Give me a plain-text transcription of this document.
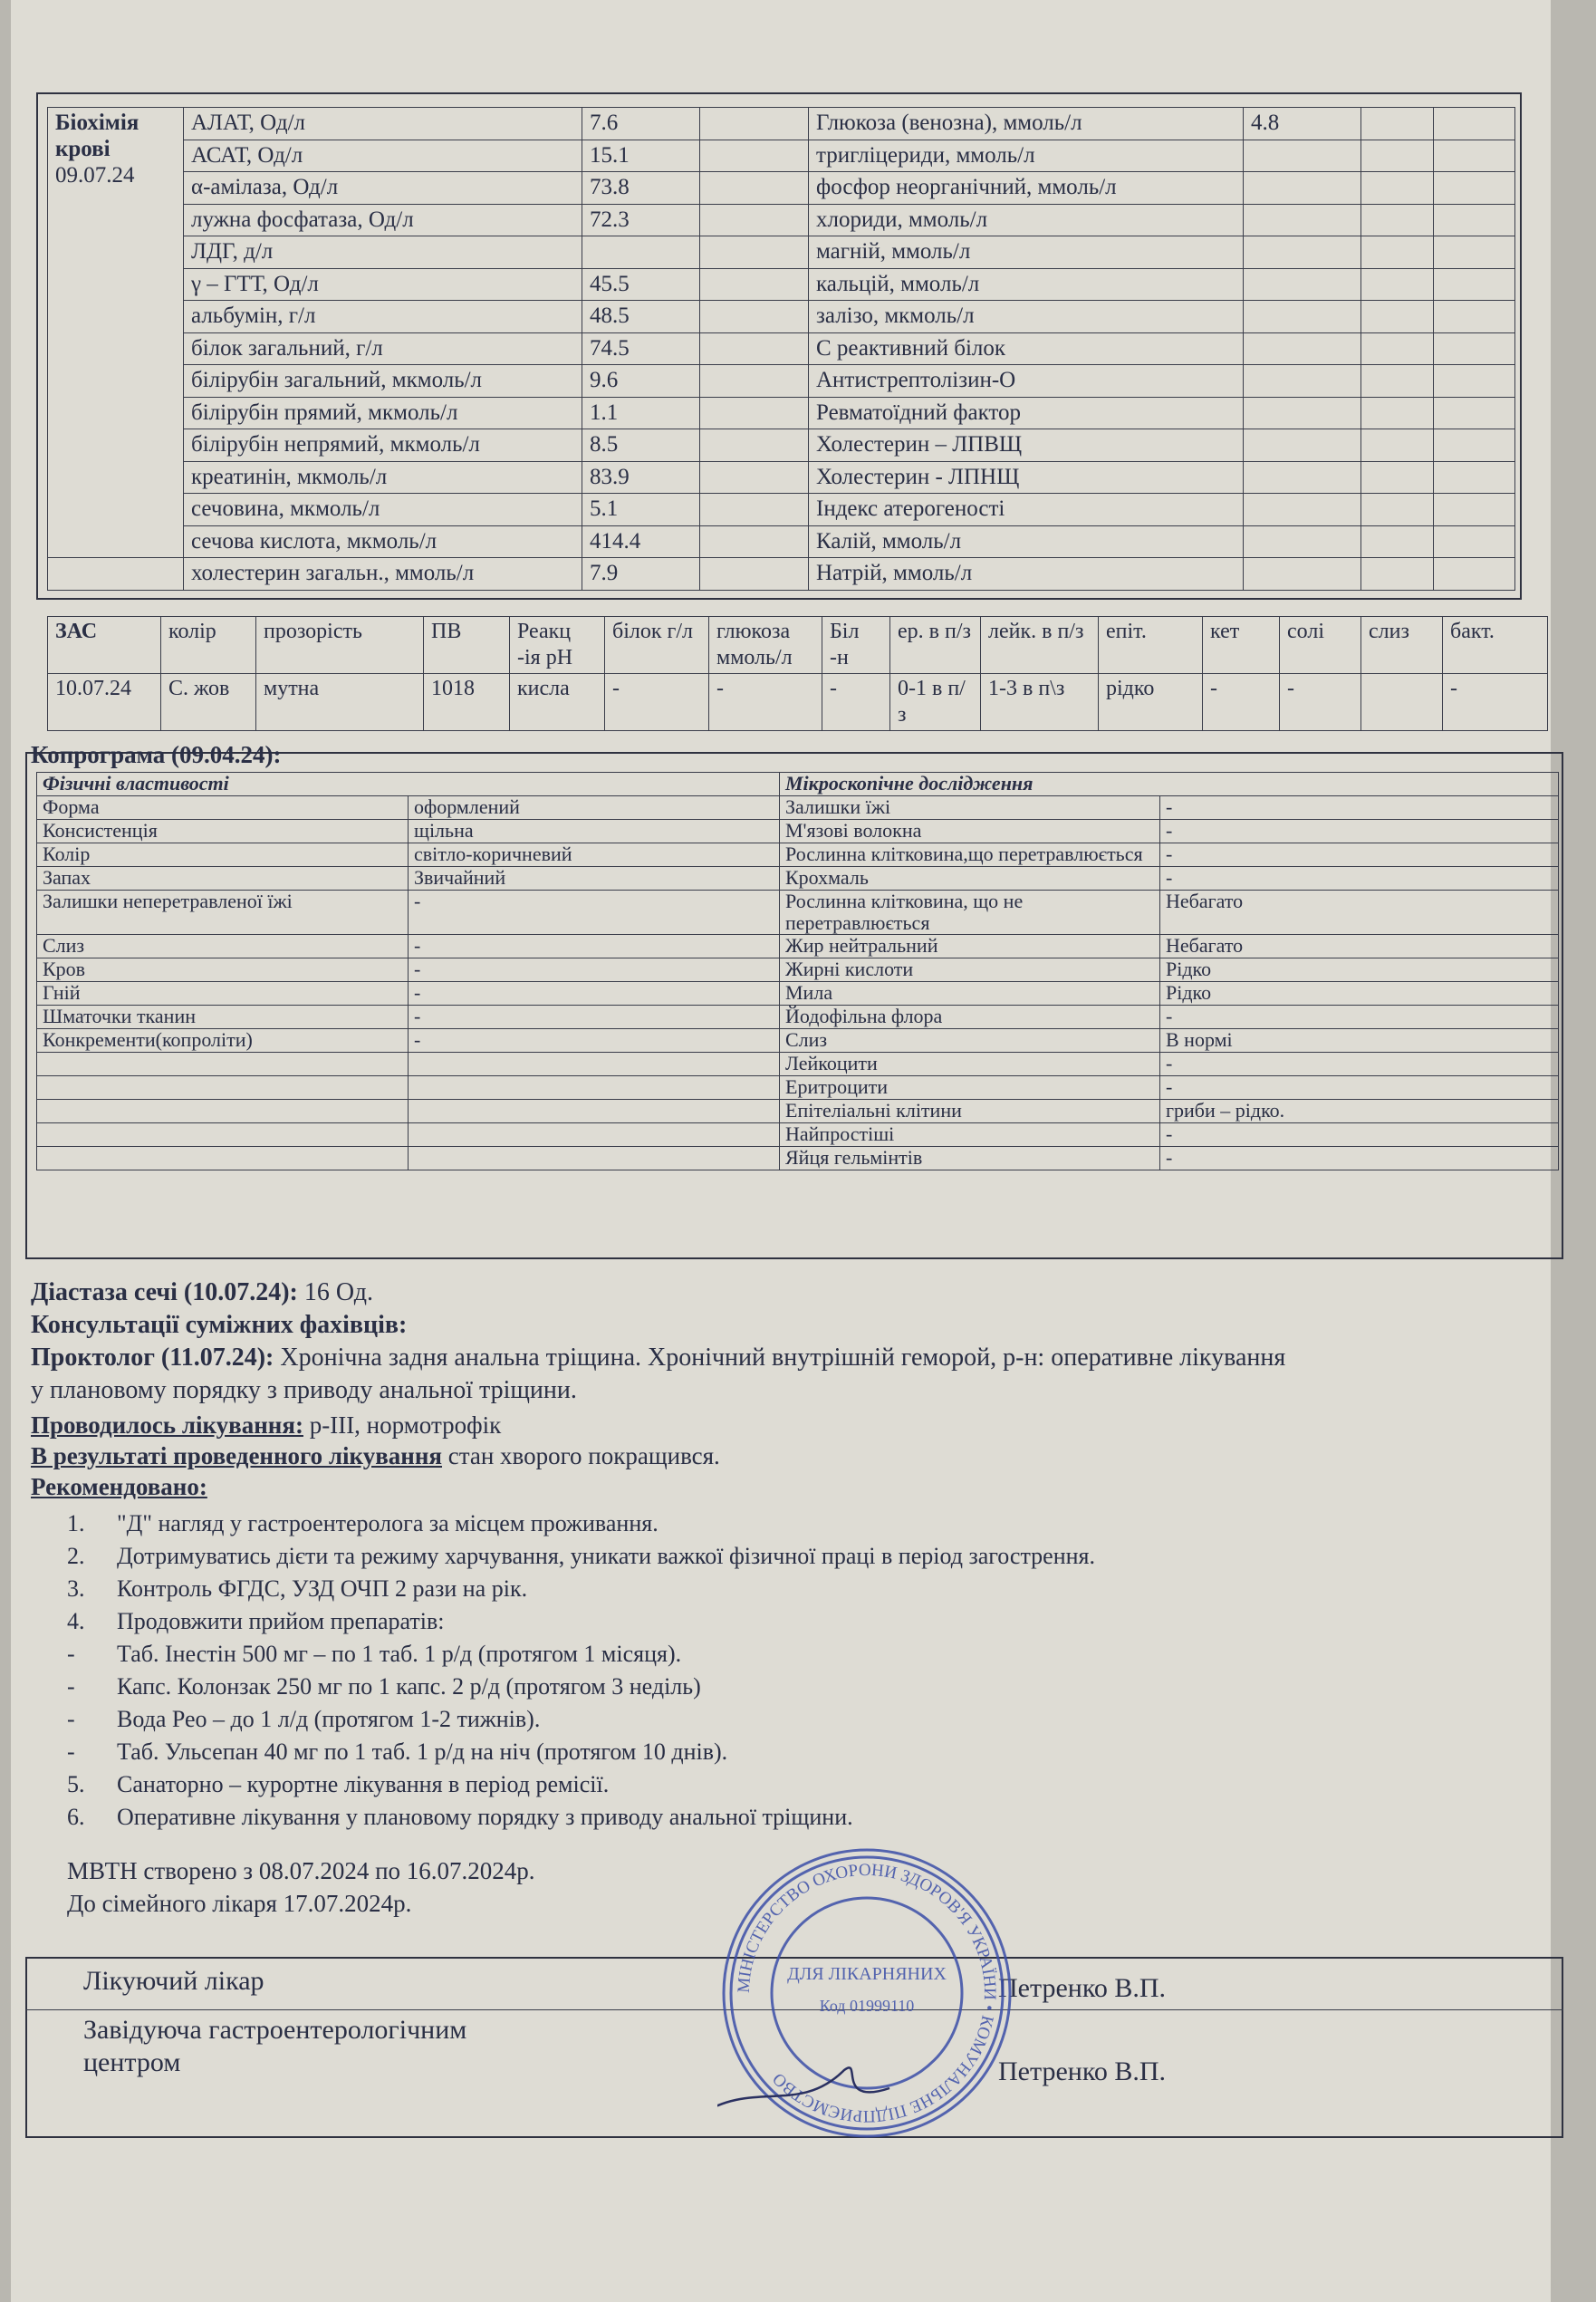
Біохімія крові
09.07.24	АЛАТ, Од/л	7.6		Глюкоза (венозна), ммоль/л	4.8		
	АСАТ, Од/л	15.1		тригліцериди, ммоль/л			
	α-амілаза, Од/л	73.8		фосфор неорганічний, ммоль/л			
	лужна фосфатаза, Од/л	72.3		хлориди, ммоль/л			
	ЛДГ, д/л			магній, ммоль/л			
	γ – ГТТ, Од/л	45.5		кальцій, ммоль/л			
	альбумін, г/л	48.5		залізо, мкмоль/л			
	білок загальний, г/л	74.5		С реактивний білок			
	білірубін загальний, мкмоль/л	9.6		Антистрептолізин-О			
	білірубін прямий, мкмоль/л	1.1		Ревматоїдний фактор			
	білірубін непрямий, мкмоль/л	8.5		Холестерин – ЛПВЩ			
	креатинін, мкмоль/л	83.9		Холестерин - ЛПНЩ			
	сечовина, мкмоль/л	5.1		Індекс атерогеності			
	сечова кислота, мкмоль/л	414.4		Калій, ммоль/л			
	холестерин загальн., ммоль/л	7.9		Натрій, ммоль/л			
ЗАС	колір	прозорість	ПВ	Реакц -ія рН	білок г/л	глюкоза ммоль/л	Біл -н	ер. в п/з	лейк. в п/з	епіт.	кет	солі	слиз	бакт.
10.07.24	С. жов	мутна	1018	кисла	-	-	-	0-1 в п/з	1-3 в п\з	рідко	-	-		-
Копрограма (09.04.24):
Фізичні властивості		Мікроскопічне дослідження	
Форма	оформлений	Залишки їжі	-
Консистенція	щільна	М'язові волокна	-
Колір	світло-коричневий	Рослинна клітковина,що перетравлюється	-
Запах	Звичайний	Крохмаль	-
Залишки неперетравленої їжі	-	Рослинна клітковина, що не перетравлюється	Небагато
Слиз	-	Жир нейтральний	Небагато
Кров	-	Жирні кислоти	Рідко
Гній	-	Мила	Рідко
Шматочки тканин	-	Йодофільна флора	-
Конкременти(копроліти)	-	Слиз	В нормі
		Лейкоцити	-
		Еритроцити	-
		Епітеліальні клітини	гриби – рідко.
		Найпростіші	-
		Яйця гельмінтів	-
Діастаза сечі (10.07.24): 16 Од.
Консультації суміжних фахівців:
Проктолог (11.07.24): Хронічна задня анальна тріщина. Хронічний внутрішній геморой, р-н: оперативне лікування
у плановому порядку з приводу анальної тріщини.
Проводилось лікування: р-ІІІ, нормотрофік
В результаті проведенного лікування стан хворого покращився.
Рекомендовано:
1.	"Д" нагляд у гастроентеролога за місцем проживання.
2.	Дотримуватись дієти та режиму харчування, уникати важкої фізичної праці в період загострення.
3.	Контроль ФГДС, УЗД ОЧП 2 рази на рік.
4.	Продовжити прийом препаратів:
-	Таб. Інестін 500 мг – по 1 таб. 1 р/д (протягом 1 місяця).
-	Капс. Колонзак 250 мг по 1 капс. 2 р/д (протягом 3 неділь)
-	Вода Рео – до 1 л/д (протягом 1-2 тижнів).
-	Таб. Ульсепан 40 мг по 1 таб. 1 р/д на ніч (протягом 10 днів).
5.	Санаторно – курортне лікування в період ремісії.
6.	Оперативне лікування у плановому порядку з приводу анальної тріщини.
МВТН створено з 08.07.2024 по 16.07.2024р.
До сімейного лікаря 17.07.2024р.
Лікуючий лікар	Петренко В.П.
Завідуюча гастроентерологічним
центром	Петренко В.П.
МІНІСТЕРСТВО ОХОРОНИ ЗДОРОВ'Я УКРАЇНИ • КОМУНАЛЬНЕ ПІДПРИЄМСТВО
ДЛЯ ЛІКАРНЯНИХ
Код 01999110
